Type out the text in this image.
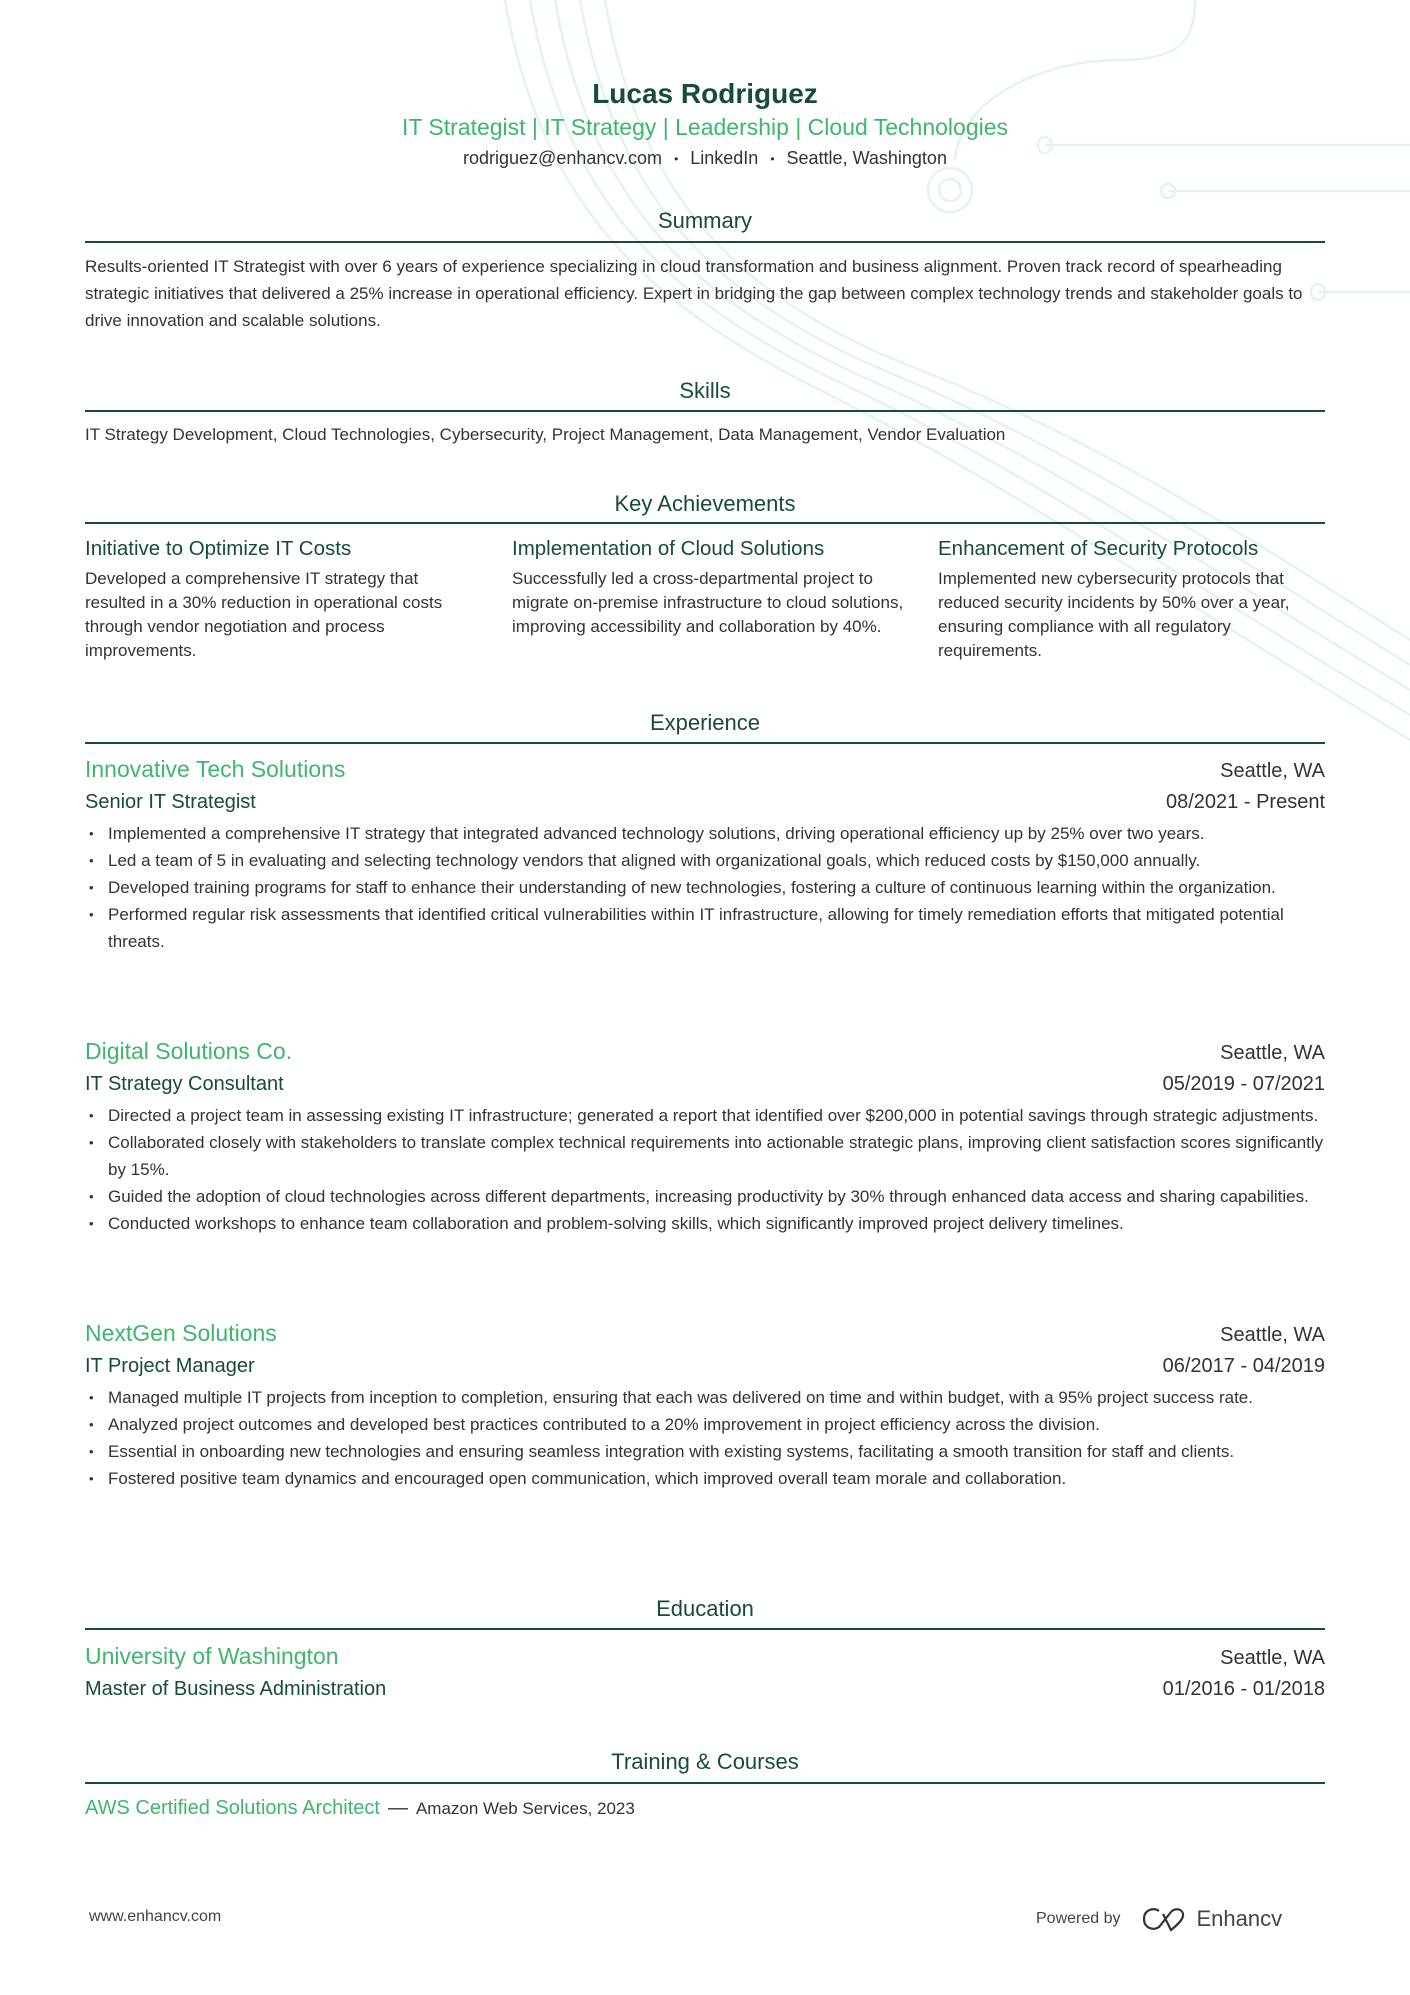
Lucas Rodriguez
IT Strategist | IT Strategy | Leadership | Cloud Technologies
rodriguez@enhancv.com • LinkedIn • Seattle, Washington
Summary
Results-oriented IT Strategist with over 6 years of experience specializing in cloud transformation and business alignment. Proven track record of spearheading strategic initiatives that delivered a 25% increase in operational efficiency. Expert in bridging the gap between complex technology trends and stakeholder goals to drive innovation and scalable solutions.
Skills
IT Strategy Development, Cloud Technologies, Cybersecurity, Project Management, Data Management, Vendor Evaluation
Key Achievements
Initiative to Optimize IT Costs
Developed a comprehensive IT strategy that resulted in a 30% reduction in operational costs through vendor negotiation and process improvements.
Implementation of Cloud Solutions
Successfully led a cross-departmental project to migrate on-premise infrastructure to cloud solutions, improving accessibility and collaboration by 40%.
Enhancement of Security Protocols
Implemented new cybersecurity protocols that reduced security incidents by 50% over a year, ensuring compliance with all regulatory requirements.
Experience
Innovative Tech Solutions	Seattle, WA
Senior IT Strategist	08/2021 - Present
• Implemented a comprehensive IT strategy that integrated advanced technology solutions, driving operational efficiency up by 25% over two years.
• Led a team of 5 in evaluating and selecting technology vendors that aligned with organizational goals, which reduced costs by $150,000 annually.
• Developed training programs for staff to enhance their understanding of new technologies, fostering a culture of continuous learning within the organization.
• Performed regular risk assessments that identified critical vulnerabilities within IT infrastructure, allowing for timely remediation efforts that mitigated potential threats.
Digital Solutions Co.	Seattle, WA
IT Strategy Consultant	05/2019 - 07/2021
• Directed a project team in assessing existing IT infrastructure; generated a report that identified over $200,000 in potential savings through strategic adjustments.
• Collaborated closely with stakeholders to translate complex technical requirements into actionable strategic plans, improving client satisfaction scores significantly by 15%.
• Guided the adoption of cloud technologies across different departments, increasing productivity by 30% through enhanced data access and sharing capabilities.
• Conducted workshops to enhance team collaboration and problem-solving skills, which significantly improved project delivery timelines.
NextGen Solutions	Seattle, WA
IT Project Manager	06/2017 - 04/2019
• Managed multiple IT projects from inception to completion, ensuring that each was delivered on time and within budget, with a 95% project success rate.
• Analyzed project outcomes and developed best practices contributed to a 20% improvement in project efficiency across the division.
• Essential in onboarding new technologies and ensuring seamless integration with existing systems, facilitating a smooth transition for staff and clients.
• Fostered positive team dynamics and encouraged open communication, which improved overall team morale and collaboration.
Education
University of Washington	Seattle, WA
Master of Business Administration	01/2016 - 01/2018
Training & Courses
AWS Certified Solutions Architect — Amazon Web Services, 2023
www.enhancv.com	Powered by	Enhancv
